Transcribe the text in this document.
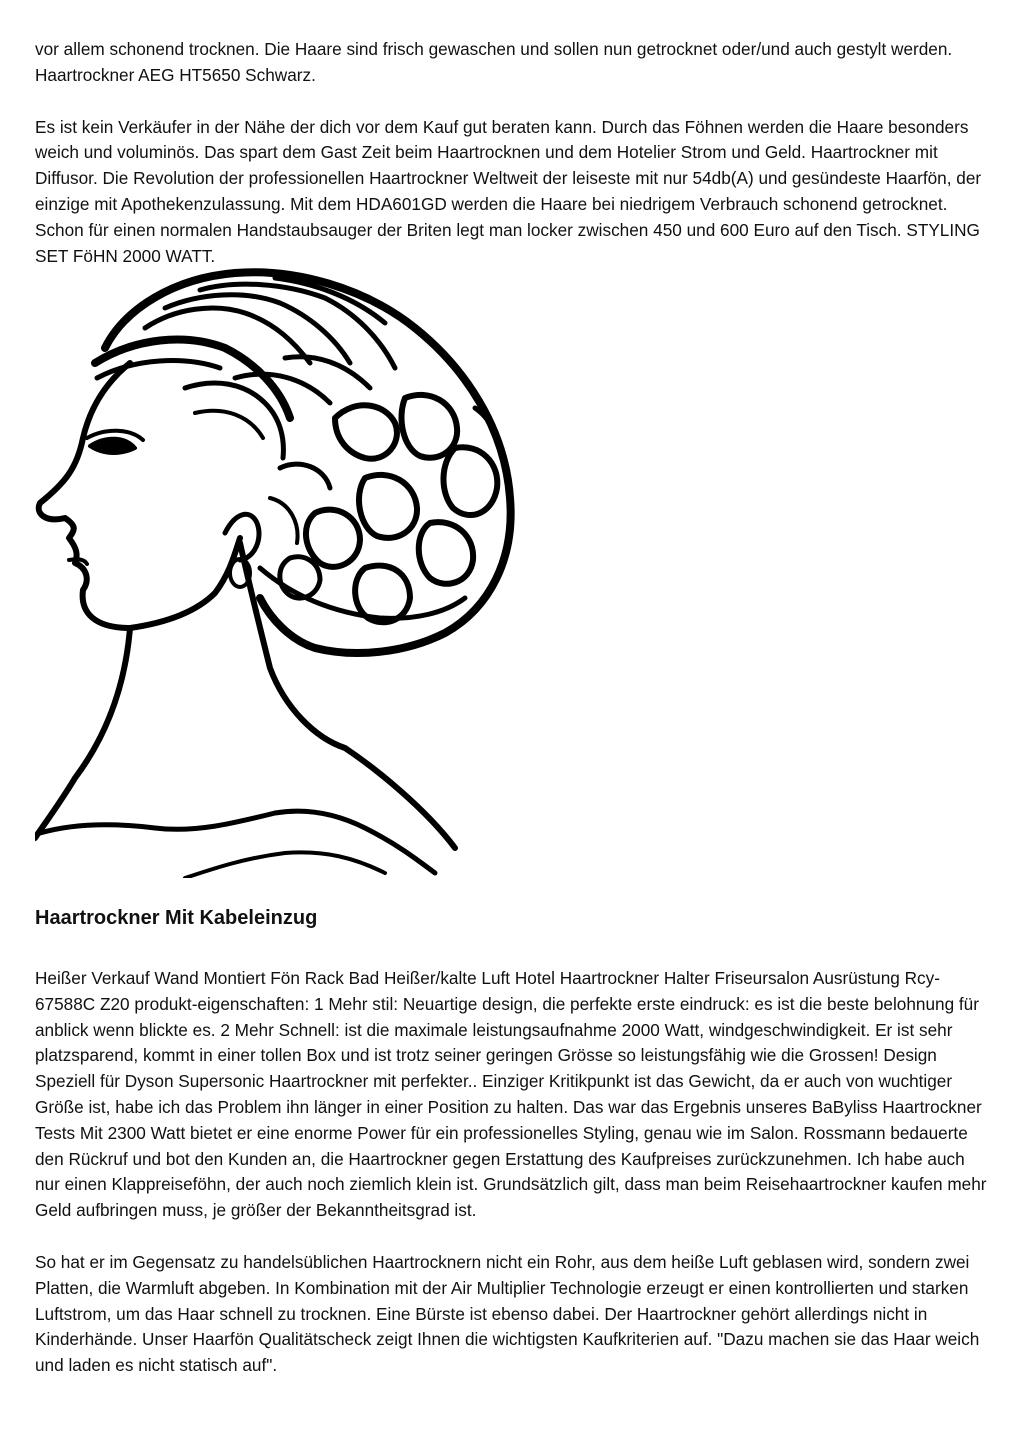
vor allem schonend trocknen. Die Haare sind frisch gewaschen und sollen nun getrocknet oder/und auch gestylt werden. Haartrockner AEG HT5650 Schwarz.

Es ist kein Verkäufer in der Nähe der dich vor dem Kauf gut beraten kann. Durch das Föhnen werden die Haare besonders weich und voluminös. Das spart dem Gast Zeit beim Haartrocknen und dem Hotelier Strom und Geld. Haartrockner mit Diffusor. Die Revolution der professionellen Haartrockner Weltweit der leiseste mit nur 54db(A) und gesündeste Haarfön, der einzige mit Apothekenzulassung. Mit dem HDA601GD werden die Haare bei niedrigem Verbrauch schonend getrocknet. Schon für einen normalen Handstaubsauger der Briten legt man locker zwischen 450 und 600 Euro auf den Tisch. STYLING SET FöHN 2000 WATT.

Haartrockner Mit Kabeleinzug

Heißer Verkauf Wand Montiert Fön Rack Bad Heißer/kalte Luft Hotel Haartrockner Halter Friseursalon Ausrüstung Rcy-67588C Z20 produkt-eigenschaften: 1 Mehr stil: Neuartige design, die perfekte erste eindruck: es ist die beste belohnung für anblick wenn blickte es. 2 Mehr Schnell: ist die maximale leistungsaufnahme 2000 Watt, windgeschwindigkeit. Er ist sehr platzsparend, kommt in einer tollen Box und ist trotz seiner geringen Grösse so leistungsfähig wie die Grossen! Design Speziell für Dyson Supersonic Haartrockner mit perfekter.. Einziger Kritikpunkt ist das Gewicht, da er auch von wuchtiger Größe ist, habe ich das Problem ihn länger in einer Position zu halten. Das war das Ergebnis unseres BaByliss Haartrockner Tests Mit 2300 Watt bietet er eine enorme Power für ein professionelles Styling, genau wie im Salon. Rossmann bedauerte den Rückruf und bot den Kunden an, die Haartrockner gegen Erstattung des Kaufpreises zurückzunehmen. Ich habe auch nur einen Klappreiseföhn, der auch noch ziemlich klein ist. Grundsätzlich gilt, dass man beim Reisehaartrockner kaufen mehr Geld aufbringen muss, je größer der Bekanntheitsgrad ist.

So hat er im Gegensatz zu handelsüblichen Haartrocknern nicht ein Rohr, aus dem heiße Luft geblasen wird, sondern zwei Platten, die Warmluft abgeben. In Kombination mit der Air Multiplier Technologie erzeugt er einen kontrollierten und starken Luftstrom, um das Haar schnell zu trocknen. Eine Bürste ist ebenso dabei. Der Haartrockner gehört allerdings nicht in Kinderhände. Unser Haarfön Qualitätscheck zeigt Ihnen die wichtigsten Kaufkriterien auf. "Dazu machen sie das Haar weich und laden es nicht statisch auf".
